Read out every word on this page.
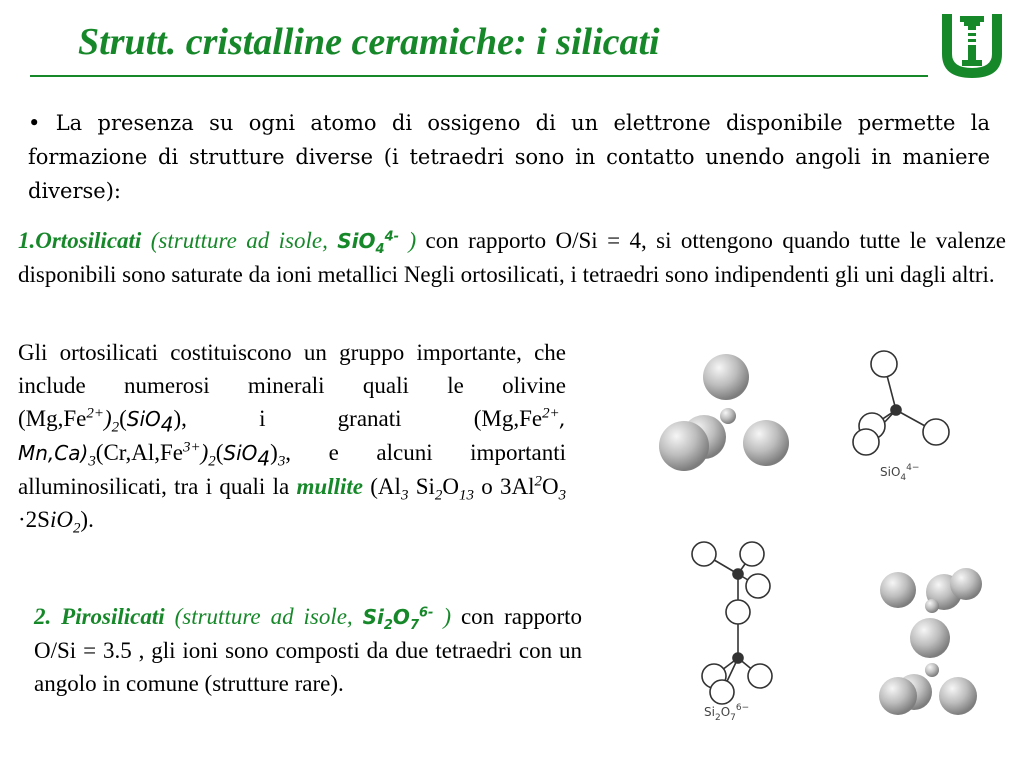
Strutt. cristalline ceramiche: i silicati
• La presenza su ogni atomo di ossigeno di un elettrone disponibile permette la formazione di strutture diverse (i tetraedri sono in contatto unendo angoli in maniere diverse):
1.Ortosilicati (strutture ad isole, SiO$_4^{4-}$ ) con rapporto O/Si = 4, si ottengono quando tutte le valenze disponibili sono saturate da ioni metallici Negli ortosilicati, i tetraedri sono indipendenti gli uni dagli altri.
Gli ortosilicati costituiscono un gruppo importante, che include numerosi minerali quali le olivine $(Mg,Fe^{2+})_2(SiO_4)$, i granati ($Mg,Fe^{2+}$, $Mn,Ca)_3(Cr,Al,Fe^{3+})_2(SiO_4)_3$, e alcuni importanti alluminosilicati, tra i quali la mullite ($Al_3$ $Si_2O_{13}$ o $3Al^2O_3 \cdot 2SiO_2$).
2. Pirosilicati (strutture ad isole, $Si_2O_7^{6-}$ ) con rapporto O/Si = 3.5 , gli ioni sono composti da due tetraedri con un angolo in comune (strutture rare).
SiO$_4^{4-}$
$Si_2O_7^{6-}$
